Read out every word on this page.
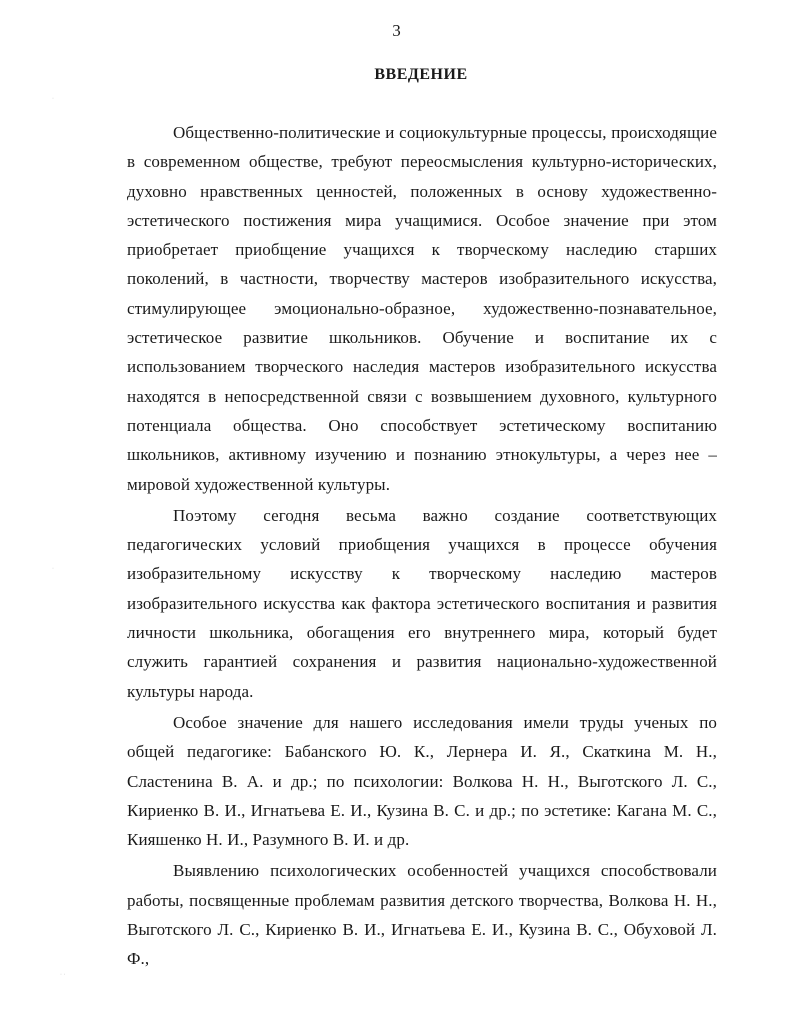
3
ВВЕДЕНИЕ

Общественно-политические и социокультурные процессы, происходящие в современном обществе, требуют переосмысления культурно-исторических, духовно нравственных ценностей, положенных в основу художественно-эстетического постижения мира учащимися. Особое значение при этом приобретает приобщение учащихся к творческому наследию старших поколений, в частности, творчеству мастеров изобразительного искусства, стимулирующее эмоционально-образное, художественно-познавательное, эстетическое развитие школьников. Обучение и воспитание их с использованием творческого наследия мастеров изобразительного искусства находятся в непосредственной связи с возвышением духовного, культурного потенциала общества. Оно способствует эстетическому воспитанию школьников, активному изучению и познанию этнокультуры, а через нее – мировой художественной культуры.

Поэтому сегодня весьма важно создание соответствующих педагогических условий приобщения учащихся в процессе обучения изобразительному искусству к творческому наследию мастеров изобразительного искусства как фактора эстетического воспитания и развития личности школьника, обогащения его внутреннего мира, который будет служить гарантией сохранения и развития национально-художественной культуры народа.

Особое значение для нашего исследования имели труды ученых по общей педагогике: Бабанского Ю. К., Лернера И. Я., Скаткина М. Н., Сластенина В. А. и др.; по психологии: Волкова Н. Н., Выготского Л. С., Кириенко В. И., Игнатьева Е. И., Кузина В. С. и др.; по эстетике: Кагана М. С., Кияшенко Н. И., Разумного В. И. и др.

Выявлению психологических особенностей учащихся способствовали работы, посвященные проблемам развития детского творчества, Волкова Н. Н., Выготского Л. С., Кириенко В. И., Игнатьева Е. И., Кузина В. С., Обуховой Л. Ф.,

·
·
· ·
